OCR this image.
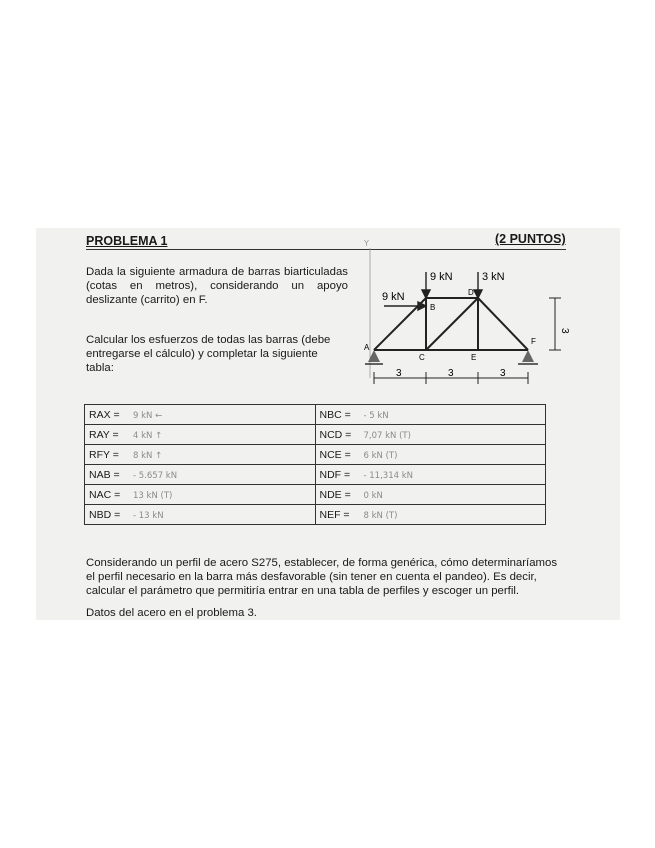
PROBLEMA 1	(2 PUNTOS)
Dada la siguiente armadura de barras biarticuladas (cotas en metros), considerando un apoyo deslizante (carrito) en F.
Calcular los esfuerzos de todas las barras (debe entregarse el cálculo) y completar la siguiente tabla:
Y
9 kN	3 kN
9 kN
A
B
C
D
E
F
3	3	3
3
RAX = 9 kN ←	NBC = - 5 kN
RAY = 4 kN ↑	NCD = 7,07 kN (T)
RFY = 8 kN ↑	NCE = 6 kN (T)
NAB = - 5.657 kN	NDF = - 11,314 kN
NAC = 13 kN (T)	NDE = 0 kN
NBD = - 13 kN	NEF = 8 kN (T)
Considerando un perfil de acero S275, establecer, de forma genérica, cómo determinaríamos el perfil necesario en la barra más desfavorable (sin tener en cuenta el pandeo). Es decir, calcular el parámetro que permitiría entrar en una tabla de perfiles y escoger un perfil.
Datos del acero en el problema 3.
